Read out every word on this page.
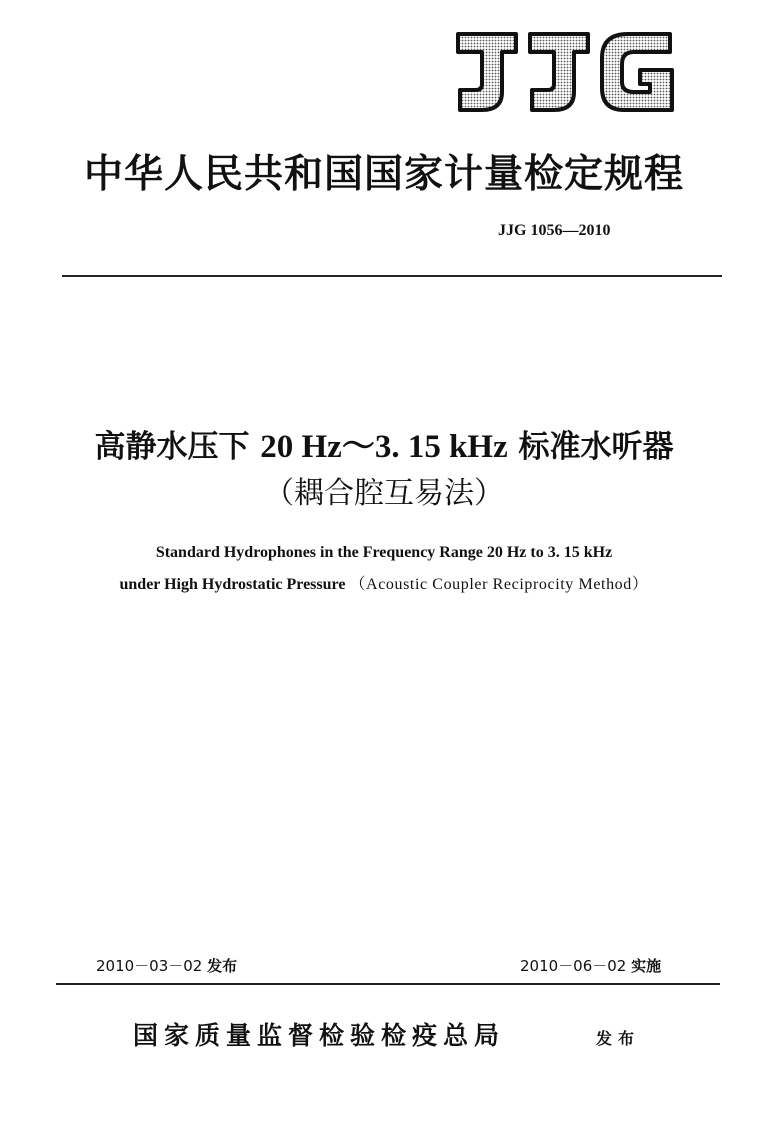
中华人民共和国国家计量检定规程
JJG 1056—2010
高静水压下 20 Hz～3. 15 kHz 标准水听器
（耦合腔互易法）
Standard Hydrophones in the Frequency Range 20 Hz to 3. 15 kHz
under High Hydrostatic Pressure （Acoustic Coupler Reciprocity Method）
2010－03－02 发布	2010－06－02 实施
国家质量监督检验检疫总局	发布
